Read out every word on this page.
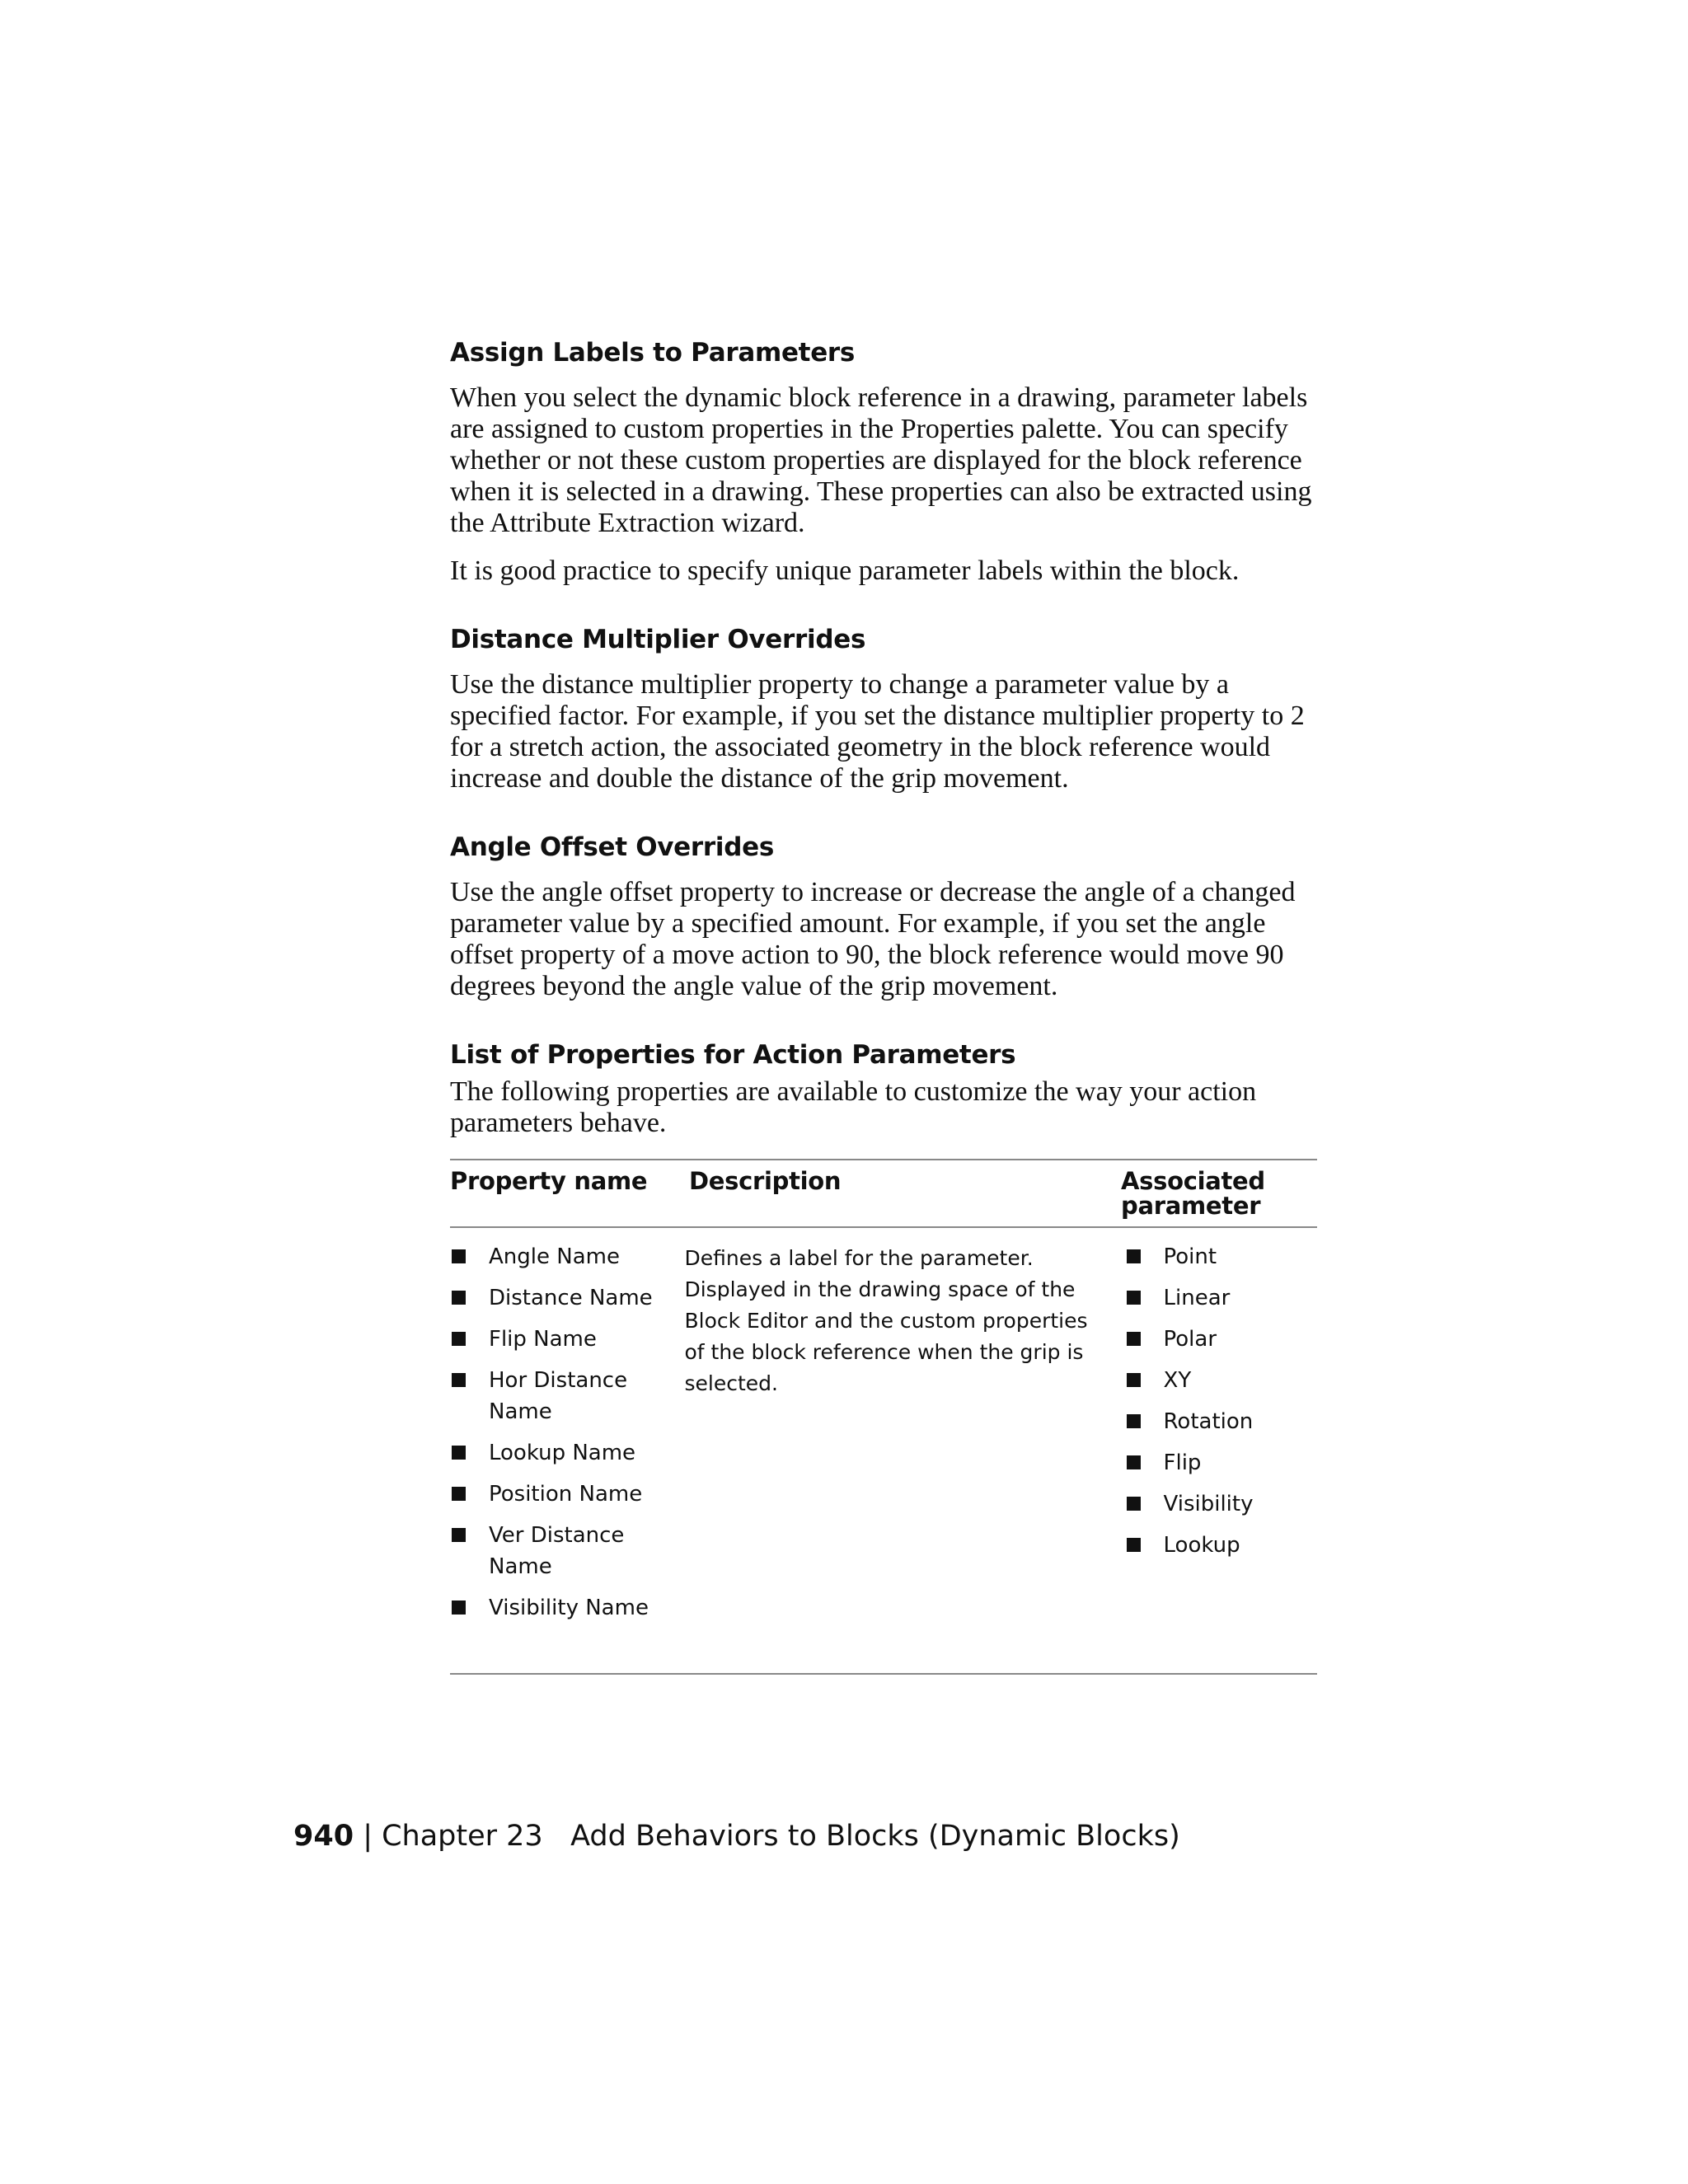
Assign Labels to Parameters

When you select the dynamic block reference in a drawing, parameter labels are assigned to custom properties in the Properties palette. You can specify whether or not these custom properties are displayed for the block reference when it is selected in a drawing. These properties can also be extracted using the Attribute Extraction wizard.

It is good practice to specify unique parameter labels within the block.

Distance Multiplier Overrides

Use the distance multiplier property to change a parameter value by a specified factor. For example, if you set the distance multiplier property to 2 for a stretch action, the associated geometry in the block reference would increase and double the distance of the grip movement.

Angle Offset Overrides

Use the angle offset property to increase or decrease the angle of a changed parameter value by a specified amount. For example, if you set the angle offset property of a move action to 90, the block reference would move 90 degrees beyond the angle value of the grip movement.

List of Properties for Action Parameters

The following properties are available to customize the way your action parameters behave.

Property name	Description	Associated parameter
Angle Name
Distance Name
Flip Name
Hor Distance Name
Lookup Name
Position Name
Ver Distance Name
Visibility Name
Defines a label for the parameter. Displayed in the drawing space of the Block Editor and the custom properties of the block reference when the grip is selected.
Point
Linear
Polar
XY
Rotation
Flip
Visibility
Lookup
940 | Chapter 23 Add Behaviors to Blocks (Dynamic Blocks)
